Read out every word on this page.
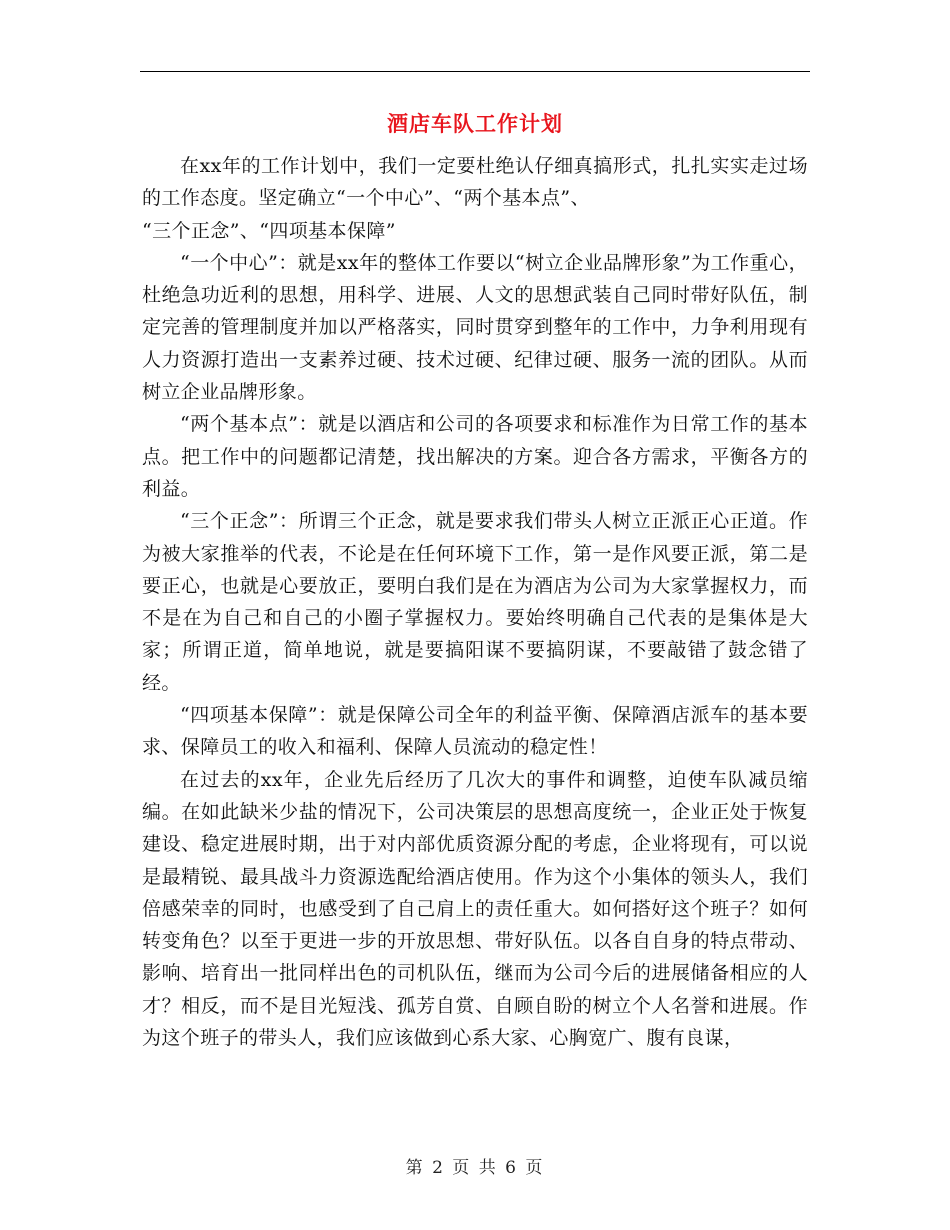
酒店车队工作计划

在xx年的工作计划中，我们一定要杜绝认仔细真搞形式，扎扎实实走过场的工作态度。坚定确立“一个中心”、“两个基本点”、

“三个正念”、“四项基本保障”

“一个中心”：就是xx年的整体工作要以“树立企业品牌形象”为工作重心，杜绝急功近利的思想，用科学、进展、人文的思想武装自己同时带好队伍，制定完善的管理制度并加以严格落实，同时贯穿到整年的工作中，力争利用现有人力资源打造出一支素养过硬、技术过硬、纪律过硬、服务一流的团队。从而树立企业品牌形象。

“两个基本点”：就是以酒店和公司的各项要求和标准作为日常工作的基本点。把工作中的问题都记清楚，找出解决的方案。迎合各方需求，平衡各方的利益。

“三个正念”：所谓三个正念，就是要求我们带头人树立正派正心正道。作为被大家推举的代表，不论是在任何环境下工作，第一是作风要正派，第二是要正心，也就是心要放正，要明白我们是在为酒店为公司为大家掌握权力，而不是在为自己和自己的小圈子掌握权力。要始终明确自己代表的是集体是大家；所谓正道，简单地说，就是要搞阳谋不要搞阴谋，不要敲错了鼓念错了经。

“四项基本保障”：就是保障公司全年的利益平衡、保障酒店派车的基本要求、保障员工的收入和福利、保障人员流动的稳定性！

在过去的xx年，企业先后经历了几次大的事件和调整，迫使车队减员缩编。在如此缺米少盐的情况下，公司决策层的思想高度统一，企业正处于恢复建设、稳定进展时期，出于对内部优质资源分配的考虑，企业将现有，可以说是最精锐、最具战斗力资源选配给酒店使用。作为这个小集体的领头人，我们倍感荣幸的同时，也感受到了自己肩上的责任重大。如何搭好这个班子？如何转变角色？以至于更进一步的开放思想、带好队伍。以各自自身的特点带动、影响、培育出一批同样出色的司机队伍，继而为公司今后的进展储备相应的人才？相反，而不是目光短浅、孤芳自赏、自顾自盼的树立个人名誉和进展。作为这个班子的带头人，我们应该做到心系大家、心胸宽广、腹有良谋，

第 2 页 共 6 页
